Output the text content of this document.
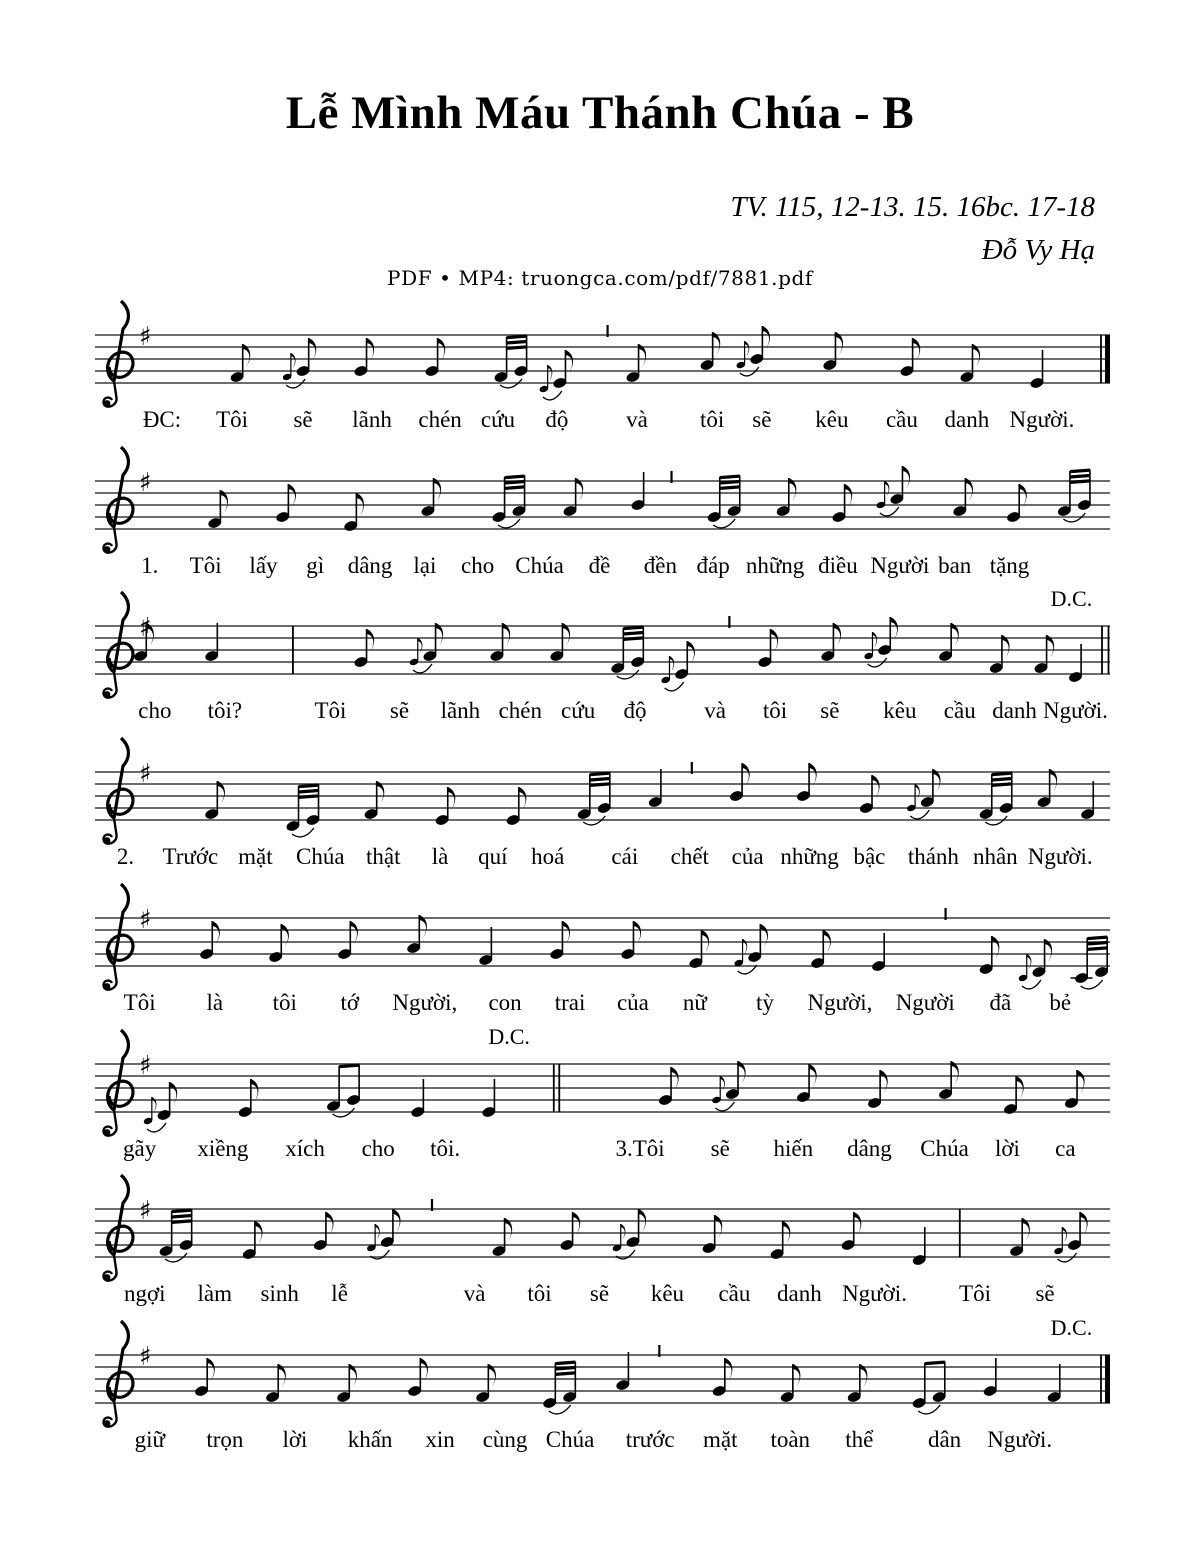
Lễ Mình Máu Thánh Chúa - B
TV. 115, 12-13. 15. 16bc. 17-18
Đỗ Vy Hạ
PDF • MP4: truongca.com/pdf/7881.pdf
♯
ĐC: Tôi sẽ lãnh chén cứu độ	và tôi sẽ kêu cầu danh Người.
♯
1. Tôi lấy gì dâng lại cho Chúa đề đền đáp những điều Người ban tặng
♯
D.C.
cho tôi?	Tôi sẽ lãnh chén cứu độ	và tôi sẽ kêu cầu danh Người.
♯
2. Trước mặt Chúa thật là quí hoá cái chết của những bậc thánh nhân Người.
♯
Tôi là tôi tớ Người, con trai của nữ tỳ Người, Người đã bẻ
♯
D.C.
gãy xiềng xích cho tôi.	3.Tôi sẽ hiến dâng Chúa lời ca
♯
ngợi làm sinh lễ	và tôi sẽ kêu cầu danh Người. Tôi sẽ
♯
D.C.
giữ trọn lời khấn xin cùng Chúa trước mặt toàn thể dân Người.
